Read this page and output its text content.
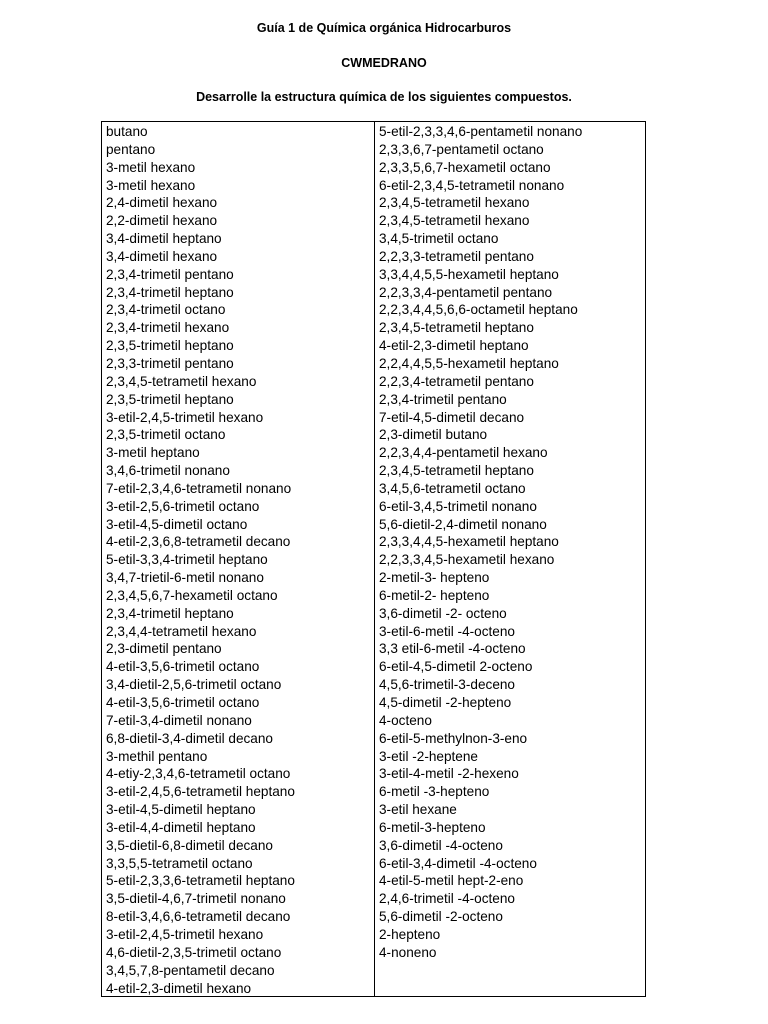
Guía 1 de Química orgánica Hidrocarburos
CWMEDRANO
Desarrolle la estructura química de los siguientes compuestos.
butano
pentano
3-metil hexano
3-metil hexano
2,4-dimetil hexano
2,2-dimetil hexano
3,4-dimetil heptano
3,4-dimetil hexano
2,3,4-trimetil pentano
2,3,4-trimetil heptano
2,3,4-trimetil octano
2,3,4-trimetil hexano
2,3,5-trimetil heptano
2,3,3-trimetil pentano
2,3,4,5-tetrametil hexano
2,3,5-trimetil heptano
3-etil-2,4,5-trimetil hexano
2,3,5-trimetil octano
3-metil heptano
3,4,6-trimetil nonano
7-etil-2,3,4,6-tetrametil nonano
3-etil-2,5,6-trimetil octano
3-etil-4,5-dimetil octano
4-etil-2,3,6,8-tetrametil decano
5-etil-3,3,4-trimetil heptano
3,4,7-trietil-6-metil nonano
2,3,4,5,6,7-hexametil octano
2,3,4-trimetil heptano
2,3,4,4-tetrametil hexano
2,3-dimetil pentano
4-etil-3,5,6-trimetil octano
3,4-dietil-2,5,6-trimetil octano
4-etil-3,5,6-trimetil octano
7-etil-3,4-dimetil nonano
6,8-dietil-3,4-dimetil decano
3-methil pentano
4-etiy-2,3,4,6-tetrametil octano
3-etil-2,4,5,6-tetrametil heptano
3-etil-4,5-dimetil heptano
3-etil-4,4-dimetil heptano
3,5-dietil-6,8-dimetil decano
3,3,5,5-tetrametil octano
5-etil-2,3,3,6-tetrametil heptano
3,5-dietil-4,6,7-trimetil nonano
8-etil-3,4,6,6-tetrametil decano
3-etil-2,4,5-trimetil hexano
4,6-dietil-2,3,5-trimetil octano
3,4,5,7,8-pentametil decano
4-etil-2,3-dimetil hexano
5-etil-2,3,3,4,6-pentametil nonano
2,3,3,6,7-pentametil octano
2,3,3,5,6,7-hexametil octano
6-etil-2,3,4,5-tetrametil nonano
2,3,4,5-tetrametil hexano
2,3,4,5-tetrametil hexano
3,4,5-trimetil octano
2,2,3,3-tetrametil pentano
3,3,4,4,5,5-hexametil heptano
2,2,3,3,4-pentametil pentano
2,2,3,4,4,5,6,6-octametil heptano
2,3,4,5-tetrametil heptano
4-etil-2,3-dimetil heptano
2,2,4,4,5,5-hexametil heptano
2,2,3,4-tetrametil pentano
2,3,4-trimetil pentano
7-etil-4,5-dimetil decano
2,3-dimetil butano
2,2,3,4,4-pentametil hexano
2,3,4,5-tetrametil heptano
3,4,5,6-tetrametil octano
6-etil-3,4,5-trimetil nonano
5,6-dietil-2,4-dimetil nonano
2,3,3,4,4,5-hexametil heptano
2,2,3,3,4,5-hexametil hexano
2-metil-3- hepteno
6-metil-2- hepteno
3,6-dimetil -2- octeno
3-etil-6-metil -4-octeno
3,3 etil-6-metil -4-octeno
6-etil-4,5-dimetil 2-octeno
4,5,6-trimetil-3-deceno
4,5-dimetil -2-hepteno
4-octeno
6-etil-5-methylnon-3-eno
3-etil -2-heptene
3-etil-4-metil -2-hexeno
6-metil -3-hepteno
3-etil hexane
6-metil-3-hepteno
3,6-dimetil -4-octeno
6-etil-3,4-dimetil -4-octeno
4-etil-5-metil hept-2-eno
2,4,6-trimetil -4-octeno
5,6-dimetil -2-octeno
2-hepteno
4-noneno
